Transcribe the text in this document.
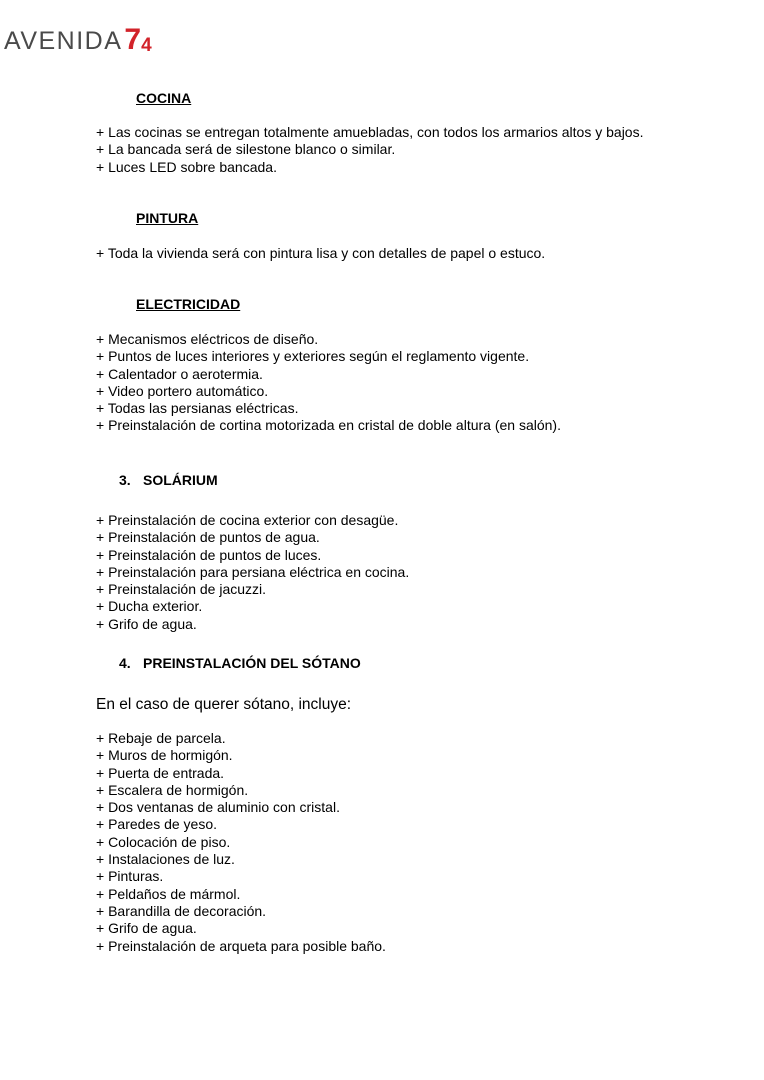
AVENIDA 74
COCINA
+ Las cocinas se entregan totalmente amuebladas, con todos los armarios altos y bajos.
+ La bancada será de silestone blanco o similar.
+ Luces LED sobre bancada.
PINTURA
+ Toda la vivienda será con pintura lisa y con detalles de papel o estuco.
ELECTRICIDAD
+ Mecanismos eléctricos de diseño.
+ Puntos de luces interiores y exteriores según el reglamento vigente.
+ Calentador o aerotermia.
+ Video portero automático.
+ Todas las persianas eléctricas.
+ Preinstalación de cortina motorizada en cristal de doble altura (en salón).
3. SOLÁRIUM
+ Preinstalación de cocina exterior con desagüe.
+ Preinstalación de puntos de agua.
+ Preinstalación de puntos de luces.
+ Preinstalación para persiana eléctrica en cocina.
+ Preinstalación de jacuzzi.
+ Ducha exterior.
+ Grifo de agua.
4. PREINSTALACIÓN DEL SÓTANO

En el caso de querer sótano, incluye:

+ Rebaje de parcela.
+ Muros de hormigón.
+ Puerta de entrada.
+ Escalera de hormigón.
+ Dos ventanas de aluminio con cristal.
+ Paredes de yeso.
+ Colocación de piso.
+ Instalaciones de luz.
+ Pinturas.
+ Peldaños de mármol.
+ Barandilla de decoración.
+ Grifo de agua.
+ Preinstalación de arqueta para posible baño.
